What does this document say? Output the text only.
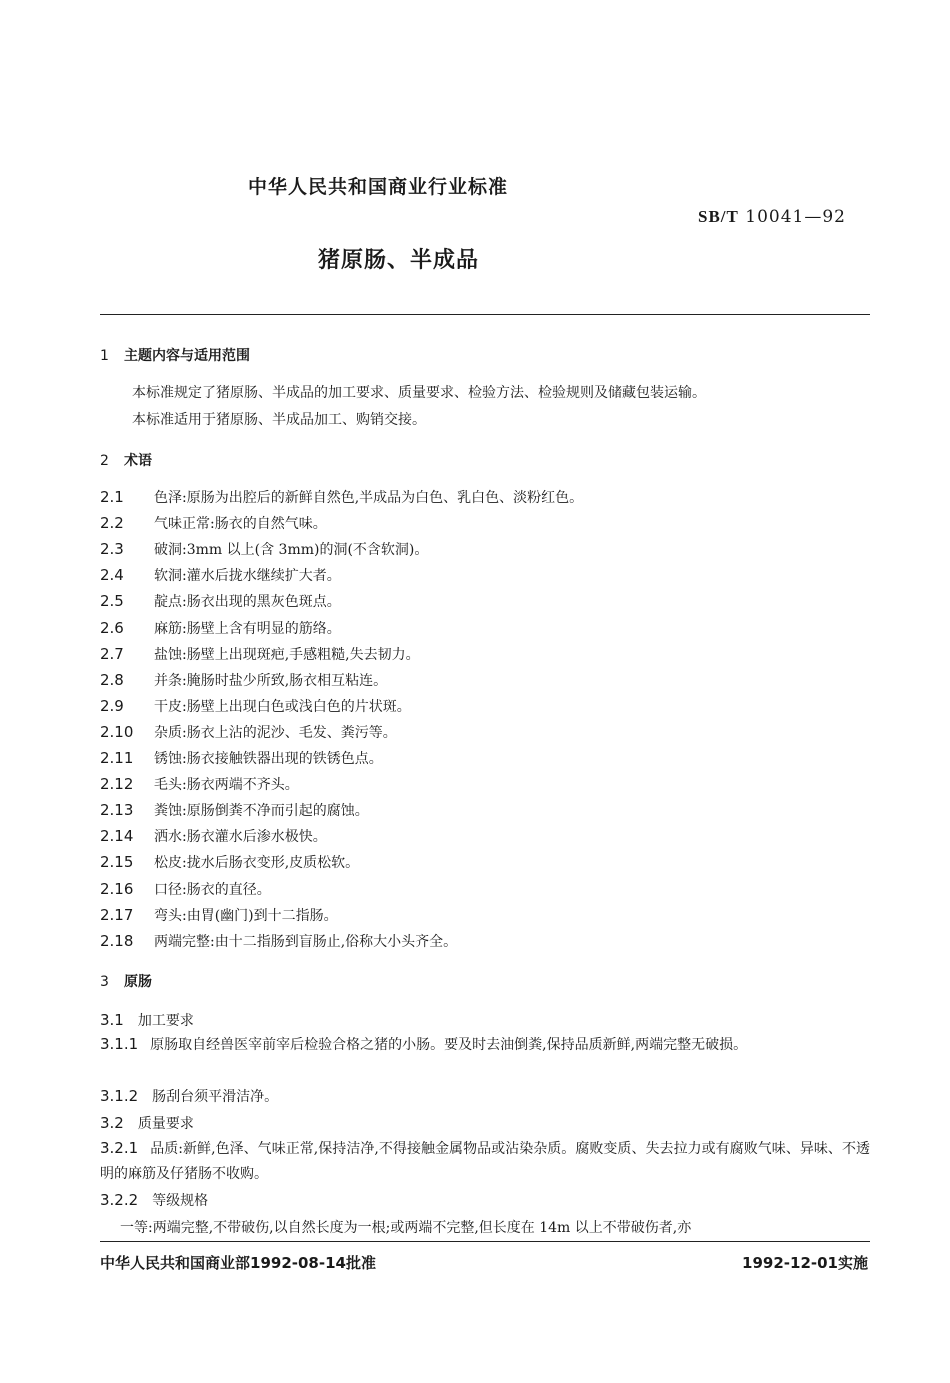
中华人民共和国商业行业标准
SB/T 10041—92
猪原肠、半成品
1 主题内容与适用范围
本标准规定了猪原肠、半成品的加工要求、质量要求、检验方法、检验规则及储藏包装运输。
本标准适用于猪原肠、半成品加工、购销交接。
2 术语
2.1 色泽:原肠为出腔后的新鲜自然色,半成品为白色、乳白色、淡粉红色。
2.2 气味正常:肠衣的自然气味。
2.3 破洞:3mm 以上(含 3mm)的洞(不含软洞)。
2.4 软洞:灌水后拢水继续扩大者。
2.5 靛点:肠衣出现的黑灰色斑点。
2.6 麻筋:肠壁上含有明显的筋络。
2.7 盐蚀:肠壁上出现斑疤,手感粗糙,失去韧力。
2.8 并条:腌肠时盐少所致,肠衣相互粘连。
2.9 干皮:肠壁上出现白色或浅白色的片状斑。
2.10 杂质:肠衣上沾的泥沙、毛发、粪污等。
2.11 锈蚀:肠衣接触铁器出现的铁锈色点。
2.12 毛头:肠衣两端不齐头。
2.13 粪蚀:原肠倒粪不净而引起的腐蚀。
2.14 洒水:肠衣灌水后渗水极快。
2.15 松皮:拢水后肠衣变形,皮质松软。
2.16 口径:肠衣的直径。
2.17 弯头:由胃(幽门)到十二指肠。
2.18 两端完整:由十二指肠到盲肠止,俗称大小头齐全。
3 原肠
3.1 加工要求
3.1.1 原肠取自经兽医宰前宰后检验合格之猪的小肠。要及时去油倒粪,保持品质新鲜,两端完整无破损。
3.1.2 肠刮台须平滑洁净。
3.2 质量要求
3.2.1 品质:新鲜,色泽、气味正常,保持洁净,不得接触金属物品或沾染杂质。腐败变质、失去拉力或有腐败气味、异味、不透明的麻筋及仔猪肠不收购。
3.2.2 等级规格
一等:两端完整,不带破伤,以自然长度为一根;或两端不完整,但长度在 14m 以上不带破伤者,亦
中华人民共和国商业部1992-08-14批准	1992-12-01实施
